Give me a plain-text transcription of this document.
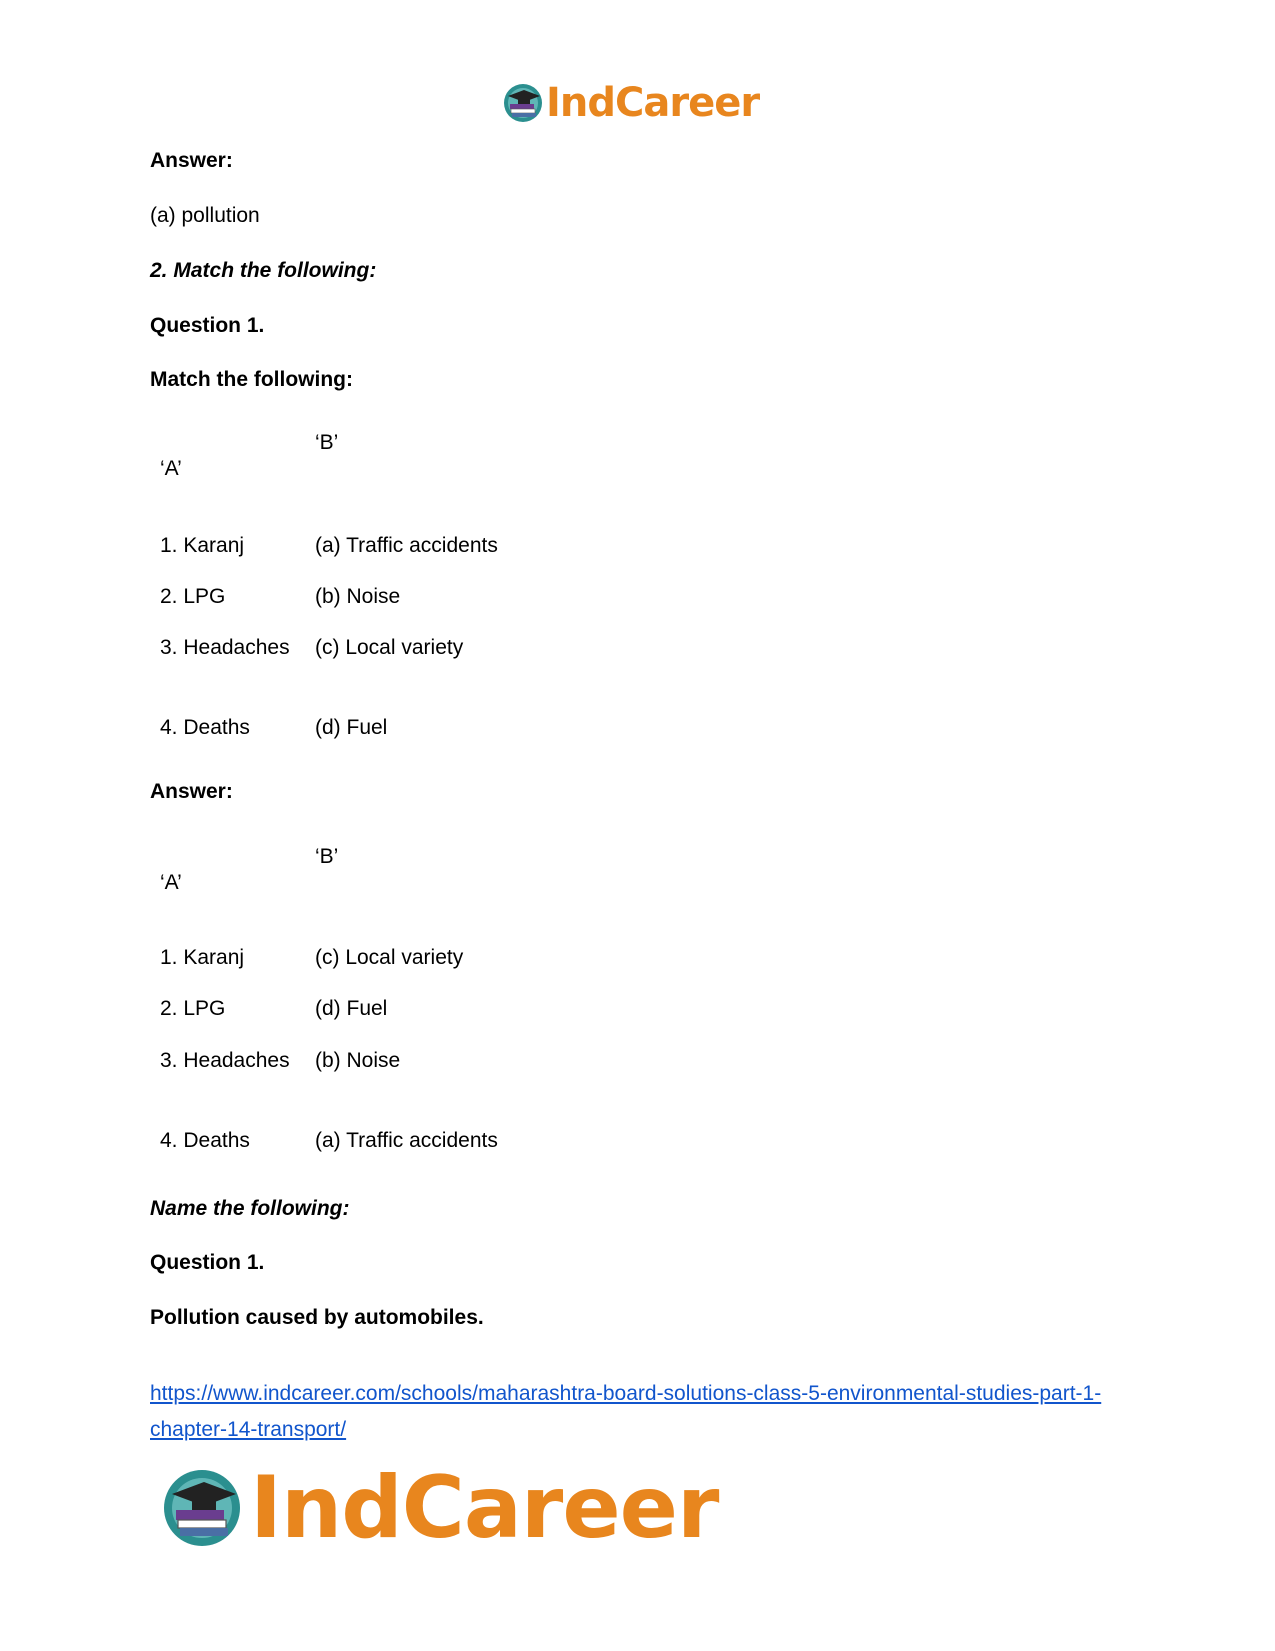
IndCareer
Answer:
(a) pollution
2. Match the following:
Question 1.
Match the following:
‘B’
‘A’
1. Karanj	(a) Traffic accidents
2. LPG	(b) Noise
3. Headaches (c) Local variety
4. Deaths	(d) Fuel
Answer:
‘B’
‘A’
1. Karanj	(c) Local variety
2. LPG	(d) Fuel
3. Headaches (b) Noise
4. Deaths	(a) Traffic accidents
Name the following:
Question 1.
Pollution caused by automobiles.
https://www.indcareer.com/schools/maharashtra-board-solutions-class-5-environmental-studies-part-1-chapter-14-transport/
IndCareer
